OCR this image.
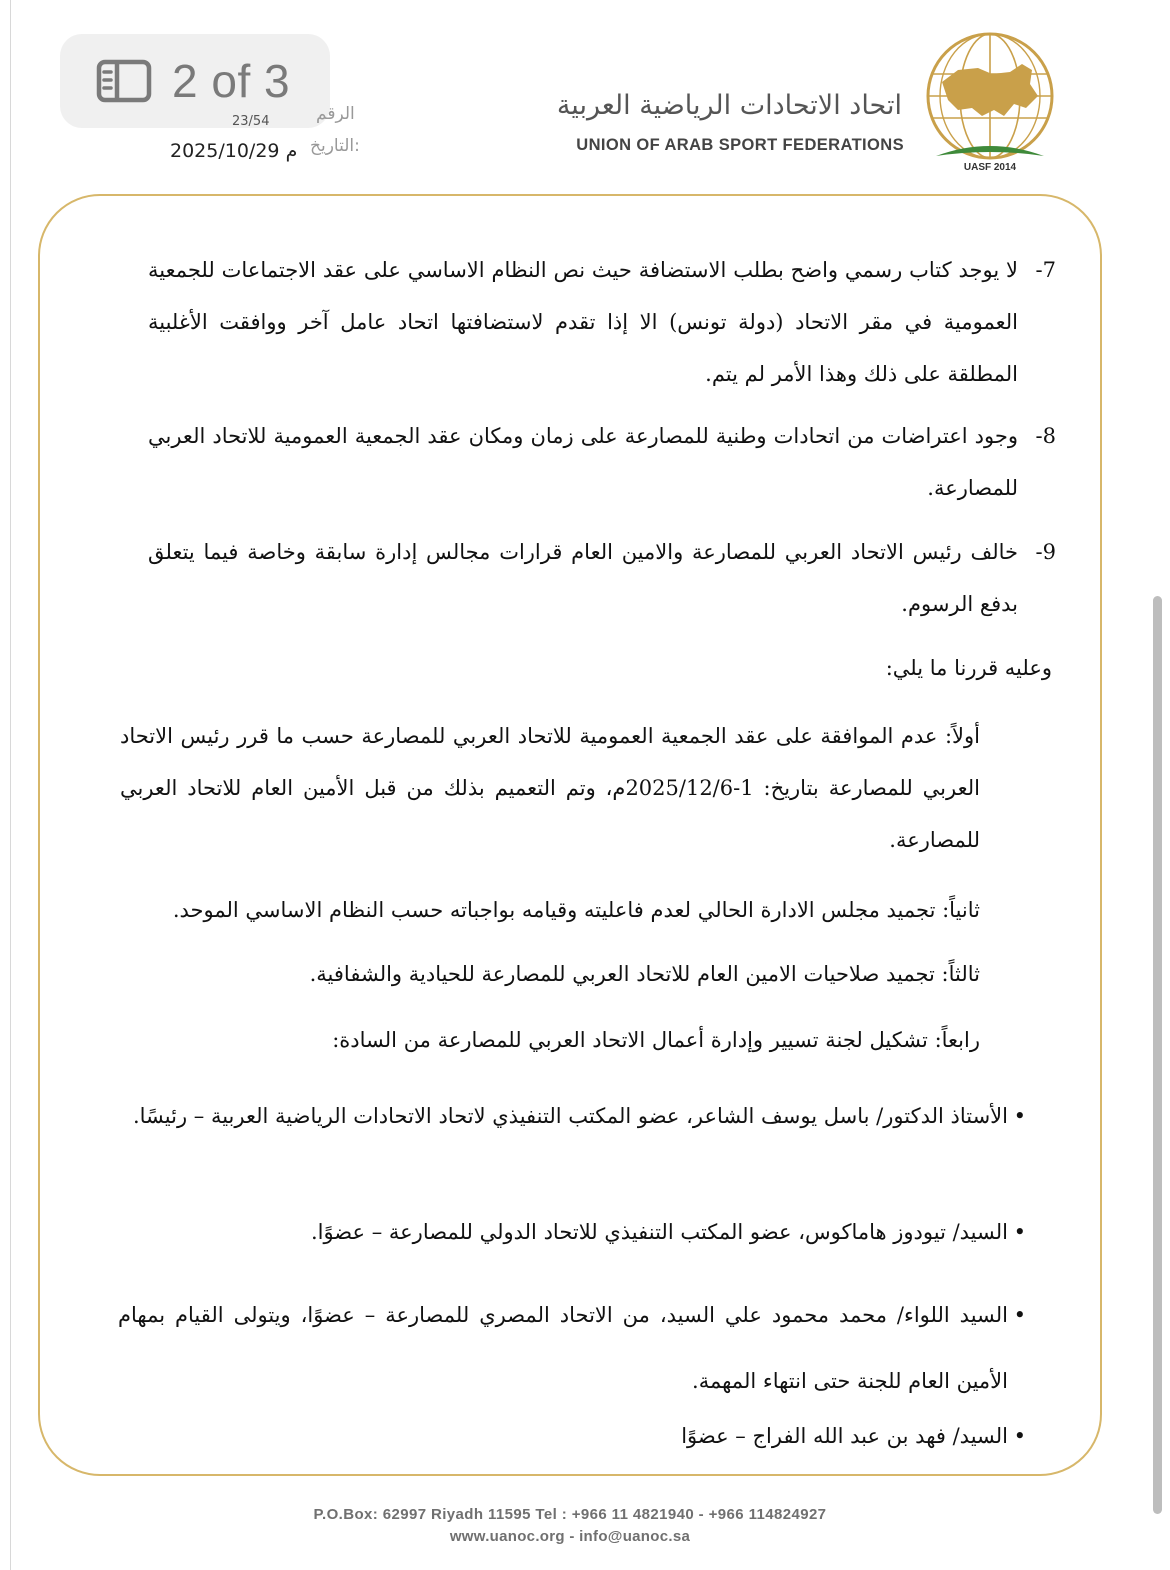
2 of 3
الرقم
23/54
التاريخ:
2025/10/29 م
اتحاد الاتحادات الرياضية العربية
UNION OF ARAB SPORT FEDERATIONS
UASF 2014
-7
لا يوجد كتاب رسمي واضح بطلب الاستضافة حيث نص النظام الاساسي على عقد الاجتماعات للجمعية العمومية في مقر الاتحاد (دولة تونس) الا إذا تقدم لاستضافتها اتحاد عامل آخر ووافقت الأغلبية المطلقة على ذلك وهذا الأمر لم يتم.
-8
وجود اعتراضات من اتحادات وطنية للمصارعة على زمان ومكان عقد الجمعية العمومية للاتحاد العربي للمصارعة.
-9
خالف رئيس الاتحاد العربي للمصارعة والامين العام قرارات مجالس إدارة سابقة وخاصة فيما يتعلق بدفع الرسوم.
وعليه قررنا ما يلي:
أولاً: عدم الموافقة على عقد الجمعية العمومية للاتحاد العربي للمصارعة حسب ما قرر رئيس الاتحاد العربي للمصارعة بتاريخ: 1-2025/12/6م، وتم التعميم بذلك من قبل الأمين العام للاتحاد العربي للمصارعة.
ثانياً: تجميد مجلس الادارة الحالي لعدم فاعليته وقيامه بواجباته حسب النظام الاساسي الموحد.
ثالثاً: تجميد صلاحيات الامين العام للاتحاد العربي للمصارعة للحيادية والشفافية.
رابعاً: تشكيل لجنة تسيير وإدارة أعمال الاتحاد العربي للمصارعة من السادة:
•
الأستاذ الدكتور/ باسل يوسف الشاعر، عضو المكتب التنفيذي لاتحاد الاتحادات الرياضية العربية – رئيسًا.
•
السيد/ تيودوز هاماكوس، عضو المكتب التنفيذي للاتحاد الدولي للمصارعة – عضوًا.
•
السيد اللواء/ محمد محمود علي السيد، من الاتحاد المصري للمصارعة – عضوًا، ويتولى القيام بمهام الأمين العام للجنة حتى انتهاء المهمة.
•
السيد/ فهد بن عبد الله الفراج – عضوًا
P.O.Box: 62997 Riyadh 11595 Tel : +966 11 4821940 - +966 114824927
www.uanoc.org - info@uanoc.sa
